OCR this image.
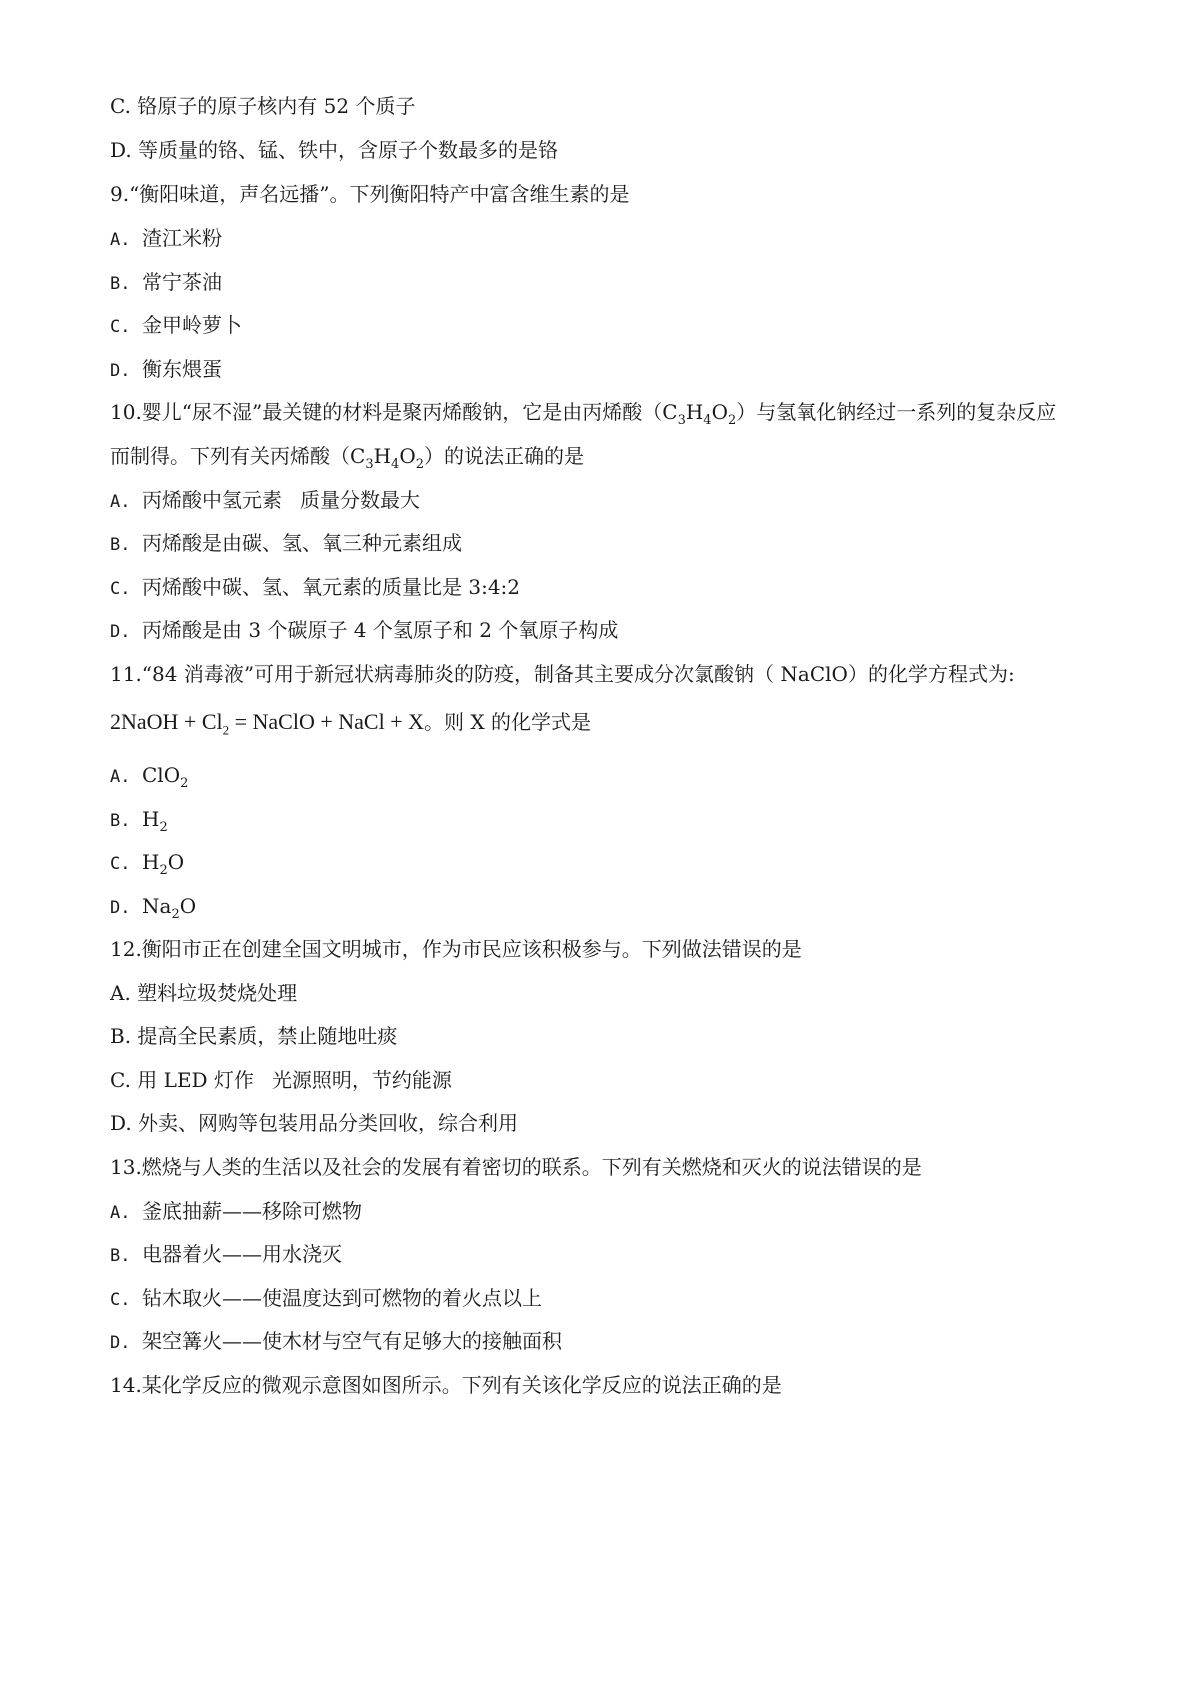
C. 铬原子的原子核内有 52 个质子
D. 等质量的铬、锰、铁中，含原子个数最多的是铬
9.“衡阳味道，声名远播”。下列衡阳特产中富含维生素的是
A. 渣江米粉
B. 常宁茶油
C. 金甲岭萝卜
D. 衡东煨蛋
10.婴儿“尿不湿”最关键的材料是聚丙烯酸钠，它是由丙烯酸$(C_3H_4O_2)$与氢氧化钠经过一系列的复杂反应
而制得。下列有关丙烯酸$(C_3H_4O_2)$的说法正确的是
A. 丙烯酸中氢元素 质量分数最大
B. 丙烯酸是由碳、氢、氧三种元素组成
C. 丙烯酸中碳、氢、氧元素的质量比是 3:4:2
D. 丙烯酸是由 3 个碳原子 4 个氢原子和 2 个氧原子构成
11.“84 消毒液”可用于新冠状病毒肺炎的防疫，制备其主要成分次氯酸钠（ NaClO）的化学方程式为:
2NaOH + $Cl_2$ = NaClO + NaCl + X。则 X 的化学式是
A. ClO$_2$
B. $H_2$
C. $H_2O$
D. $Na_2O$
12.衡阳市正在创建全国文明城市，作为市民应该积极参与。下列做法错误的是
A. 塑料垃圾焚烧处理
B. 提高全民素质，禁止随地吐痰
C. 用 LED 灯作 光源照明，节约能源
D. 外卖、网购等包装用品分类回收，综合利用
13.燃烧与人类的生活以及社会的发展有着密切的联系。下列有关燃烧和灭火的说法错误的是
A. 釜底抽薪——移除可燃物
B. 电器着火——用水浇灭
C. 钻木取火——使温度达到可燃物的着火点以上
D. 架空篝火——使木材与空气有足够大的接触面积
14.某化学反应的微观示意图如图所示。下列有关该化学反应的说法正确的是
